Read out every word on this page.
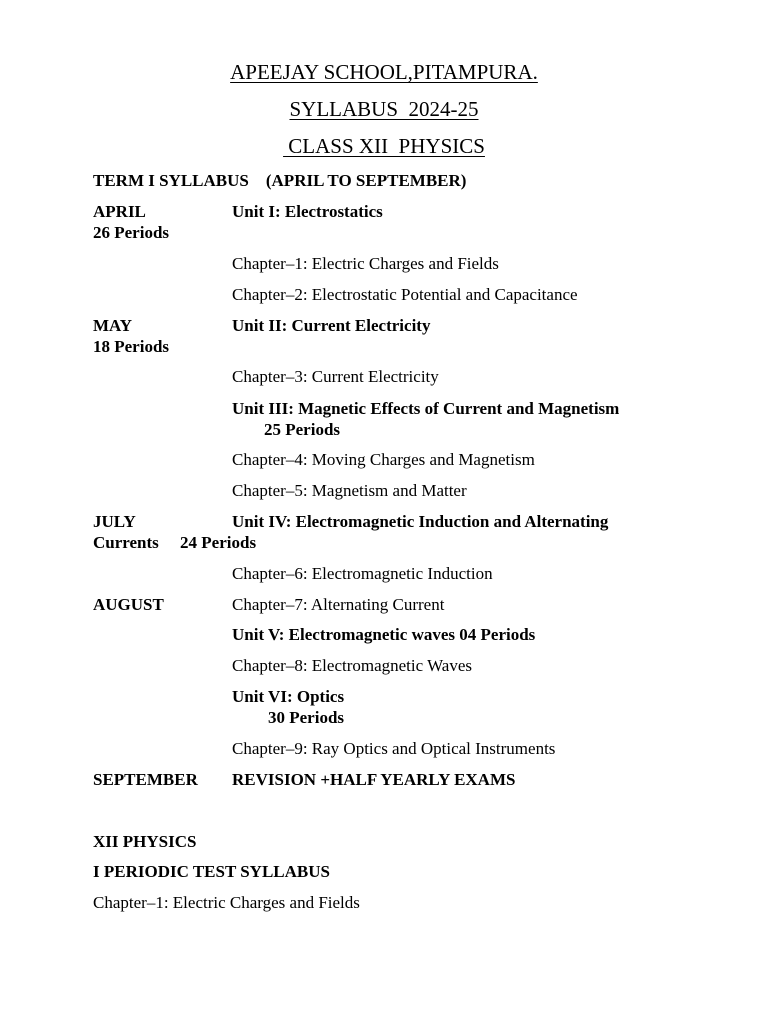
APEEJAY SCHOOL,PITAMPURA.
SYLLABUS  2024-25
CLASS XII  PHYSICS
TERM I SYLLABUS    (APRIL TO SEPTEMBER)
APRIL	Unit I: Electrostatics
26 Periods
Chapter–1: Electric Charges and Fields
Chapter–2: Electrostatic Potential and Capacitance
MAY	Unit II: Current Electricity
18 Periods
Chapter–3: Current Electricity
Unit III: Magnetic Effects of Current and Magnetism
25 Periods
Chapter–4: Moving Charges and Magnetism
Chapter–5: Magnetism and Matter
JULY	Unit IV: Electromagnetic Induction and Alternating
Currents     24 Periods
Chapter–6: Electromagnetic Induction
AUGUST	Chapter–7: Alternating Current
Unit V: Electromagnetic waves 04 Periods
Chapter–8: Electromagnetic Waves
Unit VI: Optics
30 Periods
Chapter–9: Ray Optics and Optical Instruments
SEPTEMBER REVISION +HALF YEARLY EXAMS
XII PHYSICS
I PERIODIC TEST SYLLABUS
Chapter–1: Electric Charges and Fields
